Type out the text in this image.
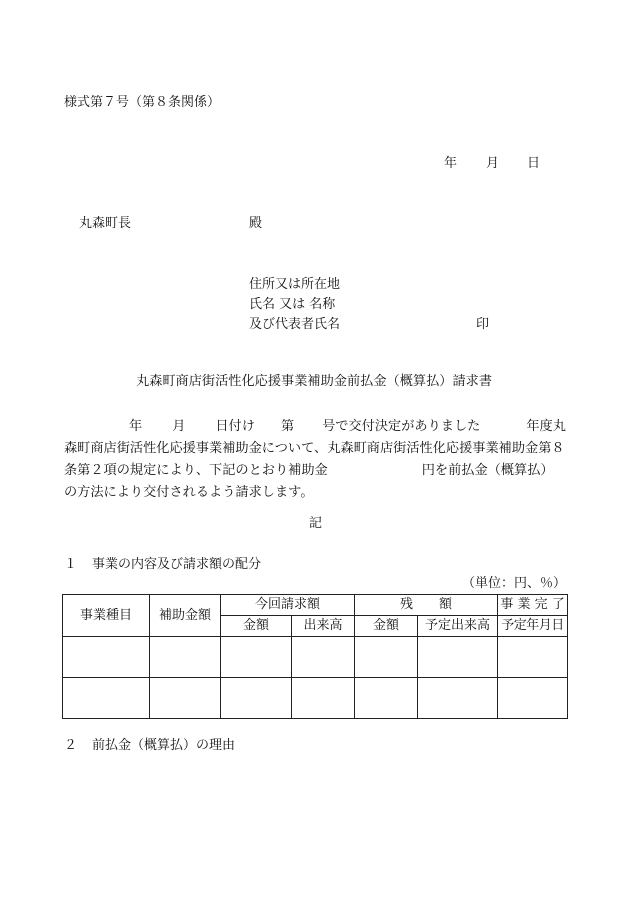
様式第７号（第８条関係）
年 月 日
丸森町長	殿
住所又は所在地
氏名 又は 名称
及び代表者氏名	印
丸森町商店街活性化応援事業補助金前払金（概算払）請求書
年 月 日付け 第 号で交付決定がありました	年度丸
森町商店街活性化応援事業補助金について、丸森町商店街活性化応援事業補助金第８
条第２項の規定により、下記のとおり補助金	円を前払金（概算払）
の方法により交付されるよう請求します。
記
１ 事業の内容及び請求額の配分
（単位：円、％）
事業種目	補助金額	今回請求額		残　　額		事 業 完 了
		金額	出来高	金額	予定出来高	予定年月日

２ 前払金（概算払）の理由
